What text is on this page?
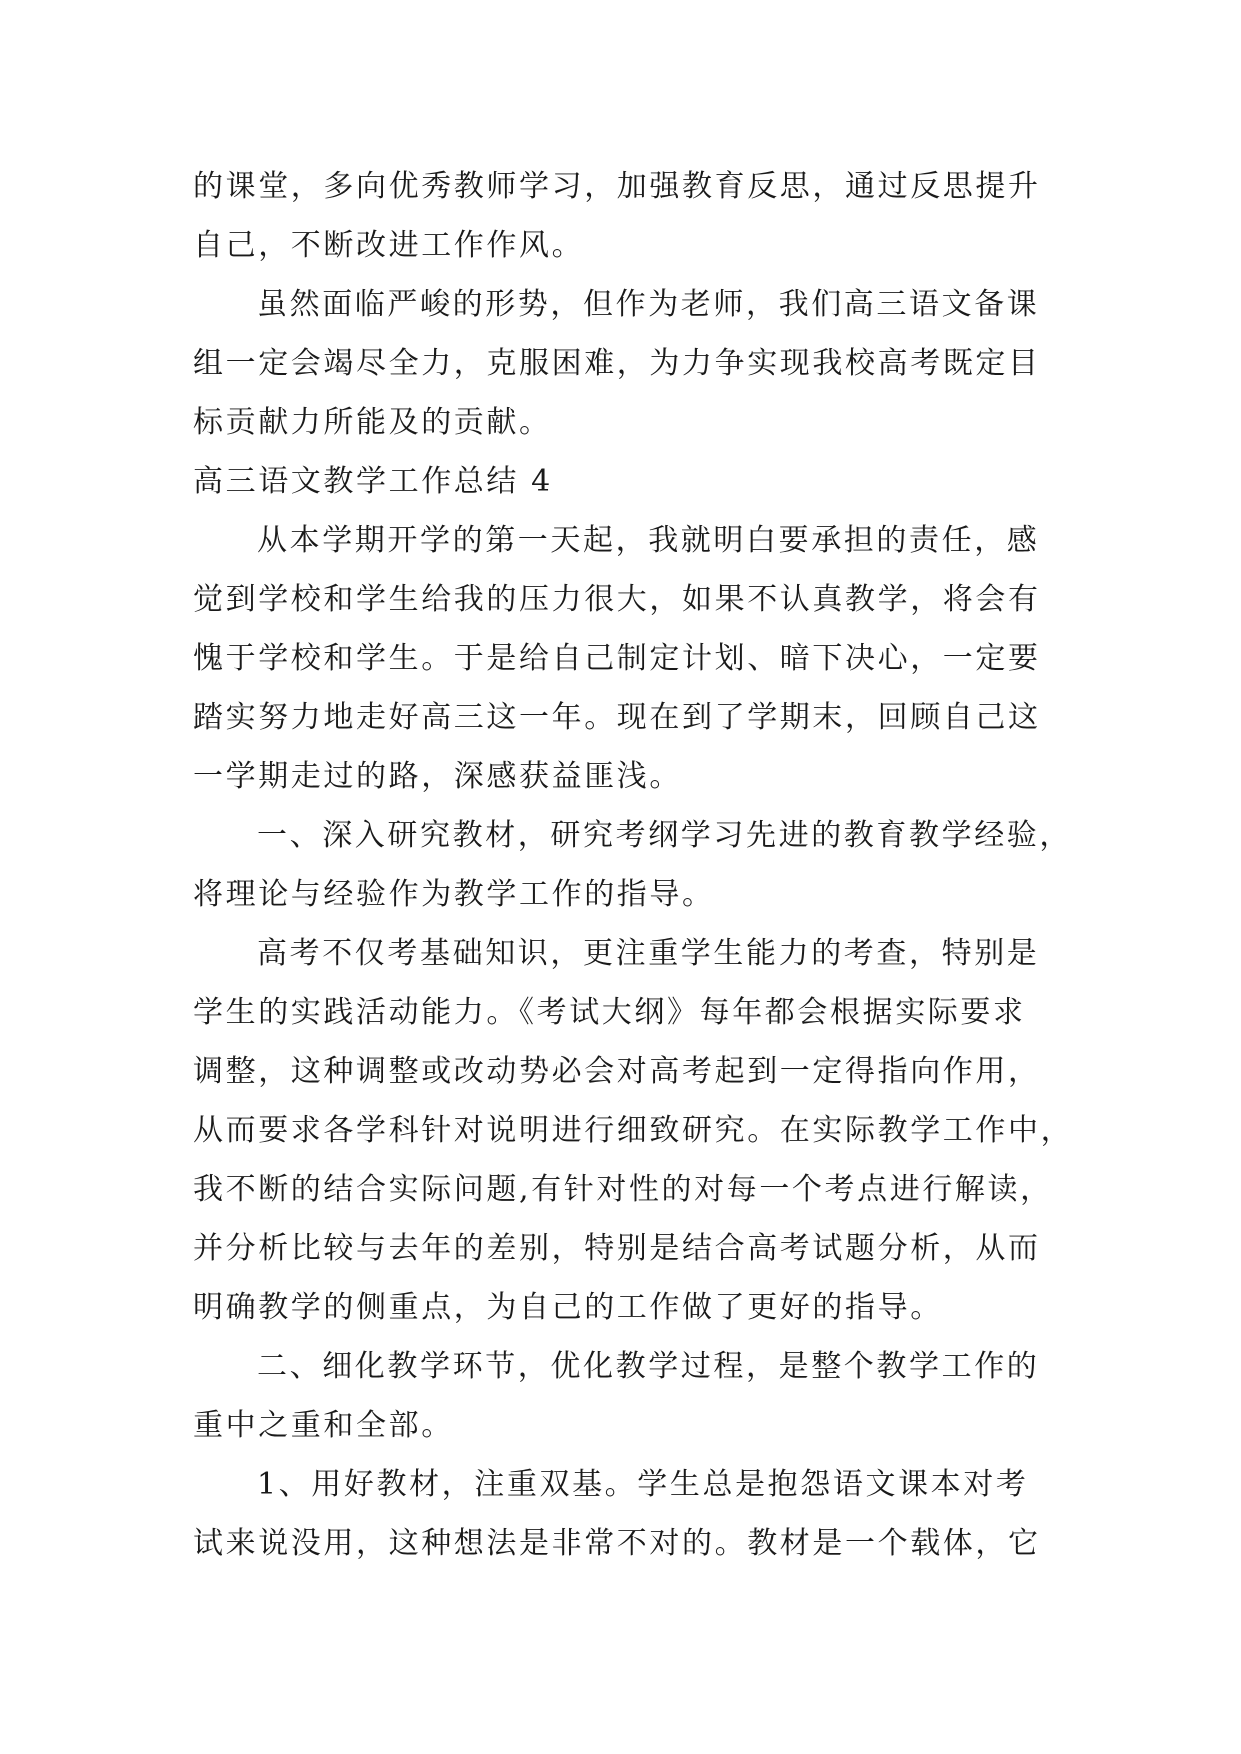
的课堂，多向优秀教师学习，加强教育反思，通过反思提升
自己，不断改进工作作风。

虽然面临严峻的形势，但作为老师，我们高三语文备课
组一定会竭尽全力，克服困难，为力争实现我校高考既定目
标贡献力所能及的贡献。

高三语文教学工作总结 4

从本学期开学的第一天起，我就明白要承担的责任，感
觉到学校和学生给我的压力很大，如果不认真教学，将会有
愧于学校和学生。于是给自己制定计划、暗下决心，一定要
踏实努力地走好高三这一年。现在到了学期末，回顾自己这
一学期走过的路，深感获益匪浅。

一、深入研究教材，研究考纲学习先进的教育教学经验，
将理论与经验作为教学工作的指导。

高考不仅考基础知识，更注重学生能力的考查，特别是
学生的实践活动能力。《考试大纲》每年都会根据实际要求
调整，这种调整或改动势必会对高考起到一定得指向作用，
从而要求各学科针对说明进行细致研究。在实际教学工作中，
我不断的结合实际问题,有针对性的对每一个考点进行解读，
并分析比较与去年的差别，特别是结合高考试题分析，从而
明确教学的侧重点，为自己的工作做了更好的指导。

二、细化教学环节，优化教学过程，是整个教学工作的
重中之重和全部。

1、用好教材，注重双基。学生总是抱怨语文课本对考
试来说没用，这种想法是非常不对的。教材是一个载体，它
